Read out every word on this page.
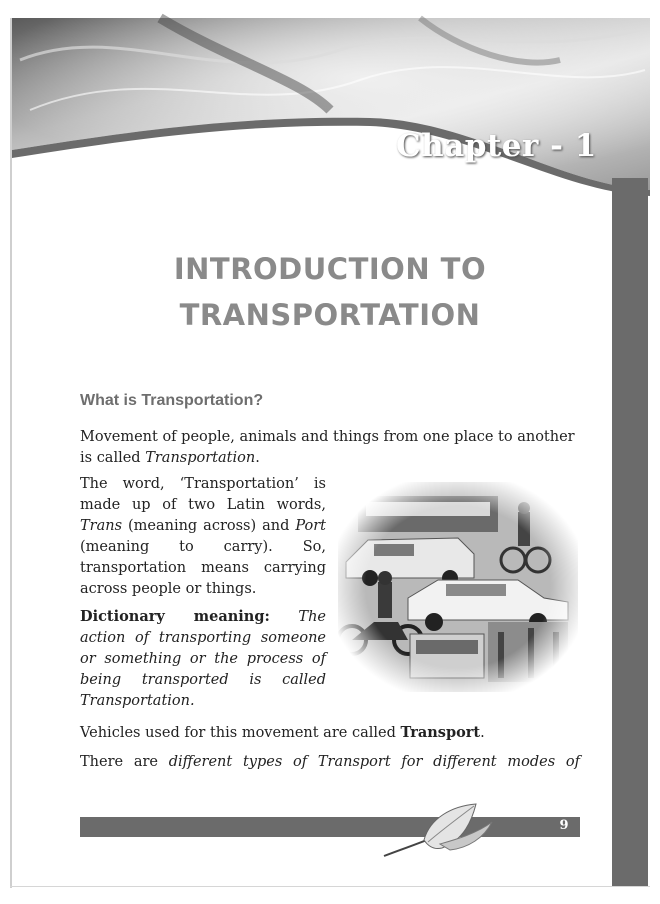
Chapter - 1
INTRODUCTION TO
TRANSPORTATION
What is Transportation?
Movement of people, animals and things from one place to another is called Transportation.

The word, ‘Transportation’ is made up of two Latin words, Trans (meaning across) and Port (meaning to carry). So, transportation means carrying across people or things.

Dictionary meaning: The action of transporting someone or something or the process of being transported is called Transportation.

Vehicles used for this movement are called Transport.
There are different types of Transport for different modes of
9
